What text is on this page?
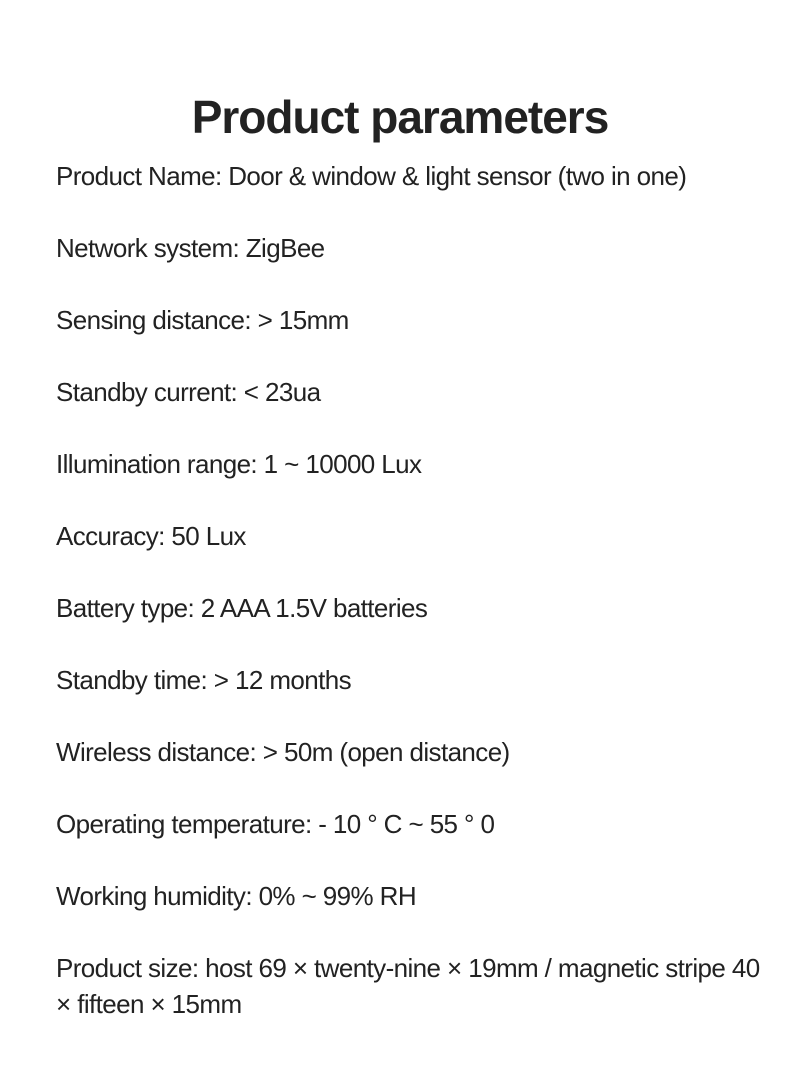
Product parameters
Product Name: Door & window & light sensor (two in one)
Network system: ZigBee
Sensing distance: > 15mm
Standby current: < 23ua
Illumination range: 1 ~ 10000 Lux
Accuracy: 50 Lux
Battery type: 2 AAA 1.5V batteries
Standby time: > 12 months
Wireless distance: > 50m (open distance)
Operating temperature: - 10 ° C ~ 55 ° 0
Working humidity: 0% ~ 99% RH
Product size: host 69 × twenty-nine × 19mm / magnetic stripe 40 × fifteen × 15mm
